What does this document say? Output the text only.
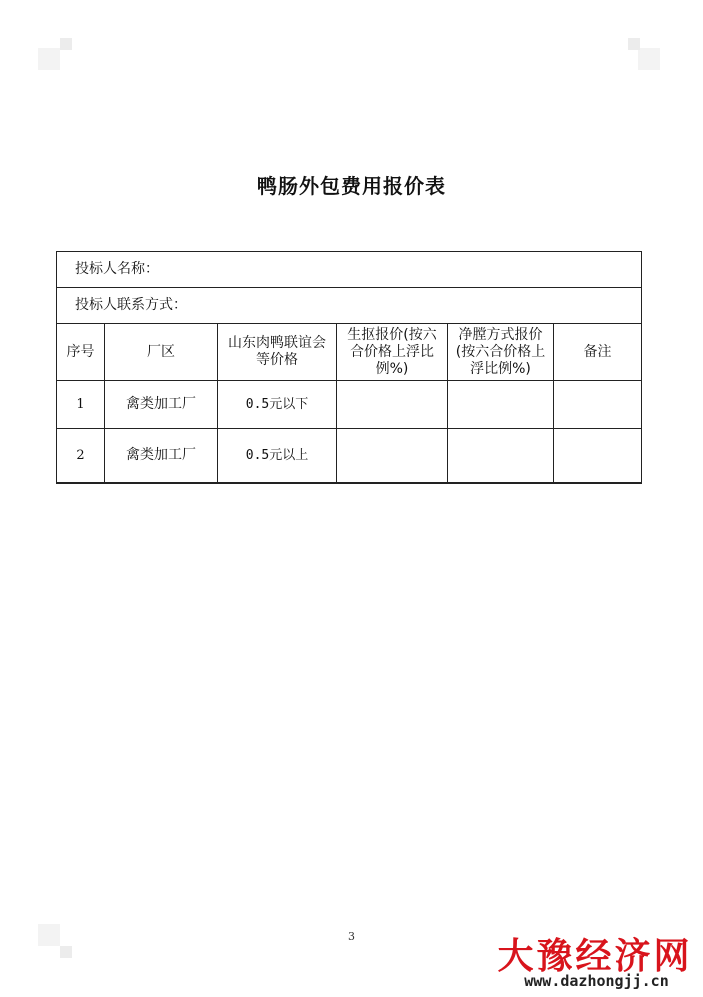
鸭肠外包费用报价表
投标人名称：					
投标人联系方式：					
序号	厂区	山东肉鸭联谊会等价格	生抠报价(按六合价格上浮比例%)	净膛方式报价(按六合价格上浮比例%)	备注
1	禽类加工厂	0.5元以下			
2	禽类加工厂	0.5元以上			
3	大豫经济网
www.dazhongjj.cn
